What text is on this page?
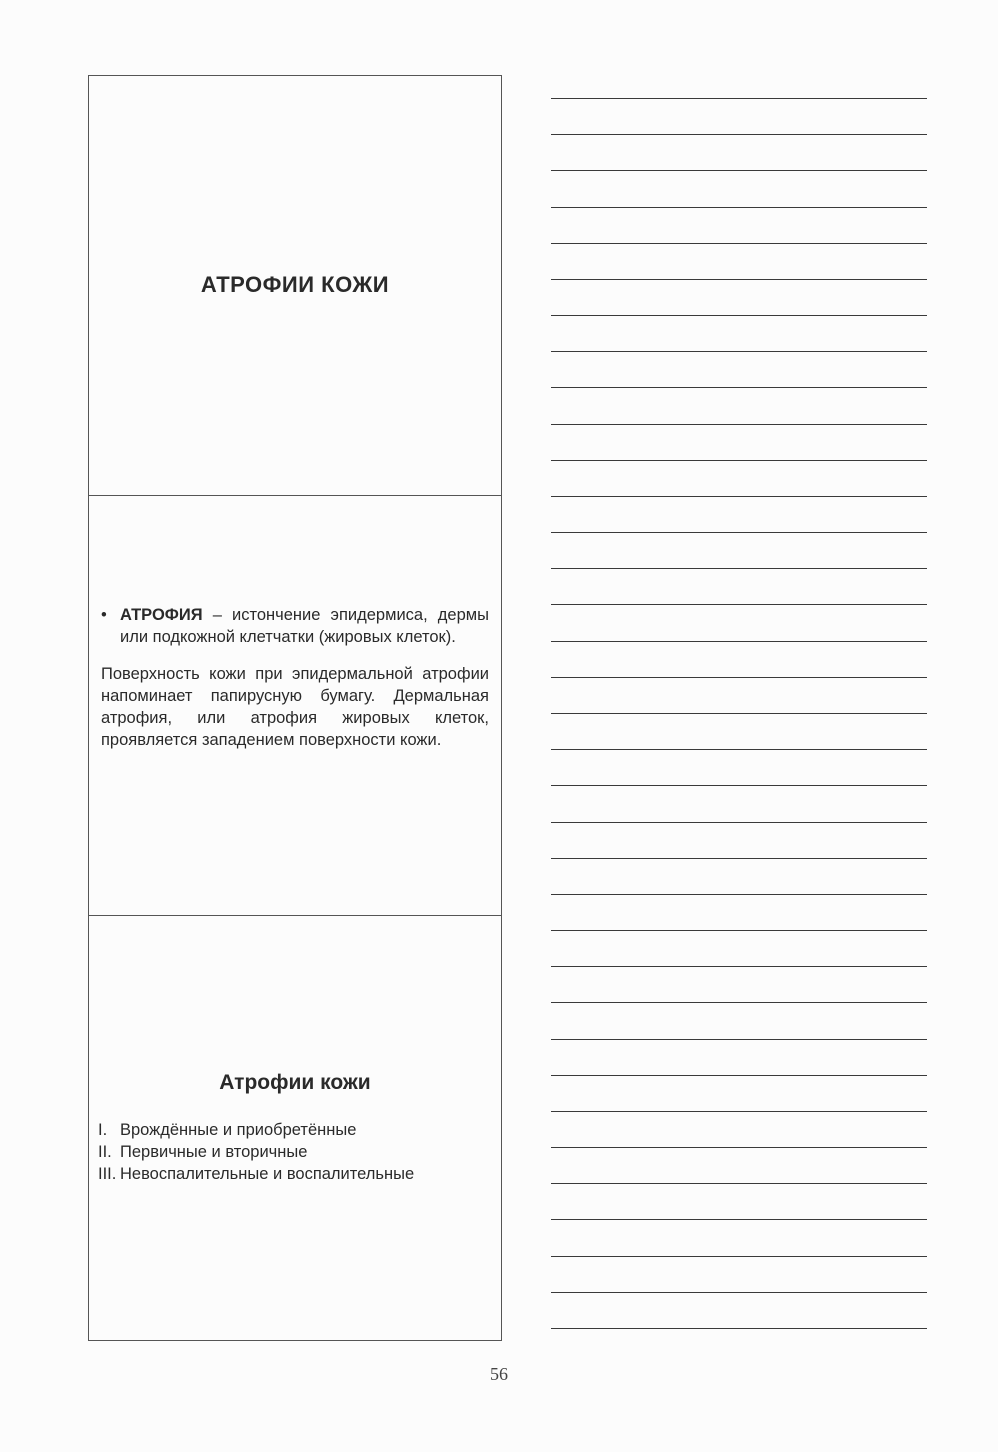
АТРОФИИ КОЖИ
• АТРОФИЯ – истончение эпидермиса, дермы или подкожной клетчатки (жировых клеток).
Поверхность кожи при эпидермальной атрофии напоминает папирусную бумагу. Дермальная атрофия, или атрофия жировых клеток, проявляется западением поверхности кожи.
Атрофии кожи
I. Врождённые и приобретённые
II. Первичные и вторичные
III. Невоспалительные и воспалительные
56
